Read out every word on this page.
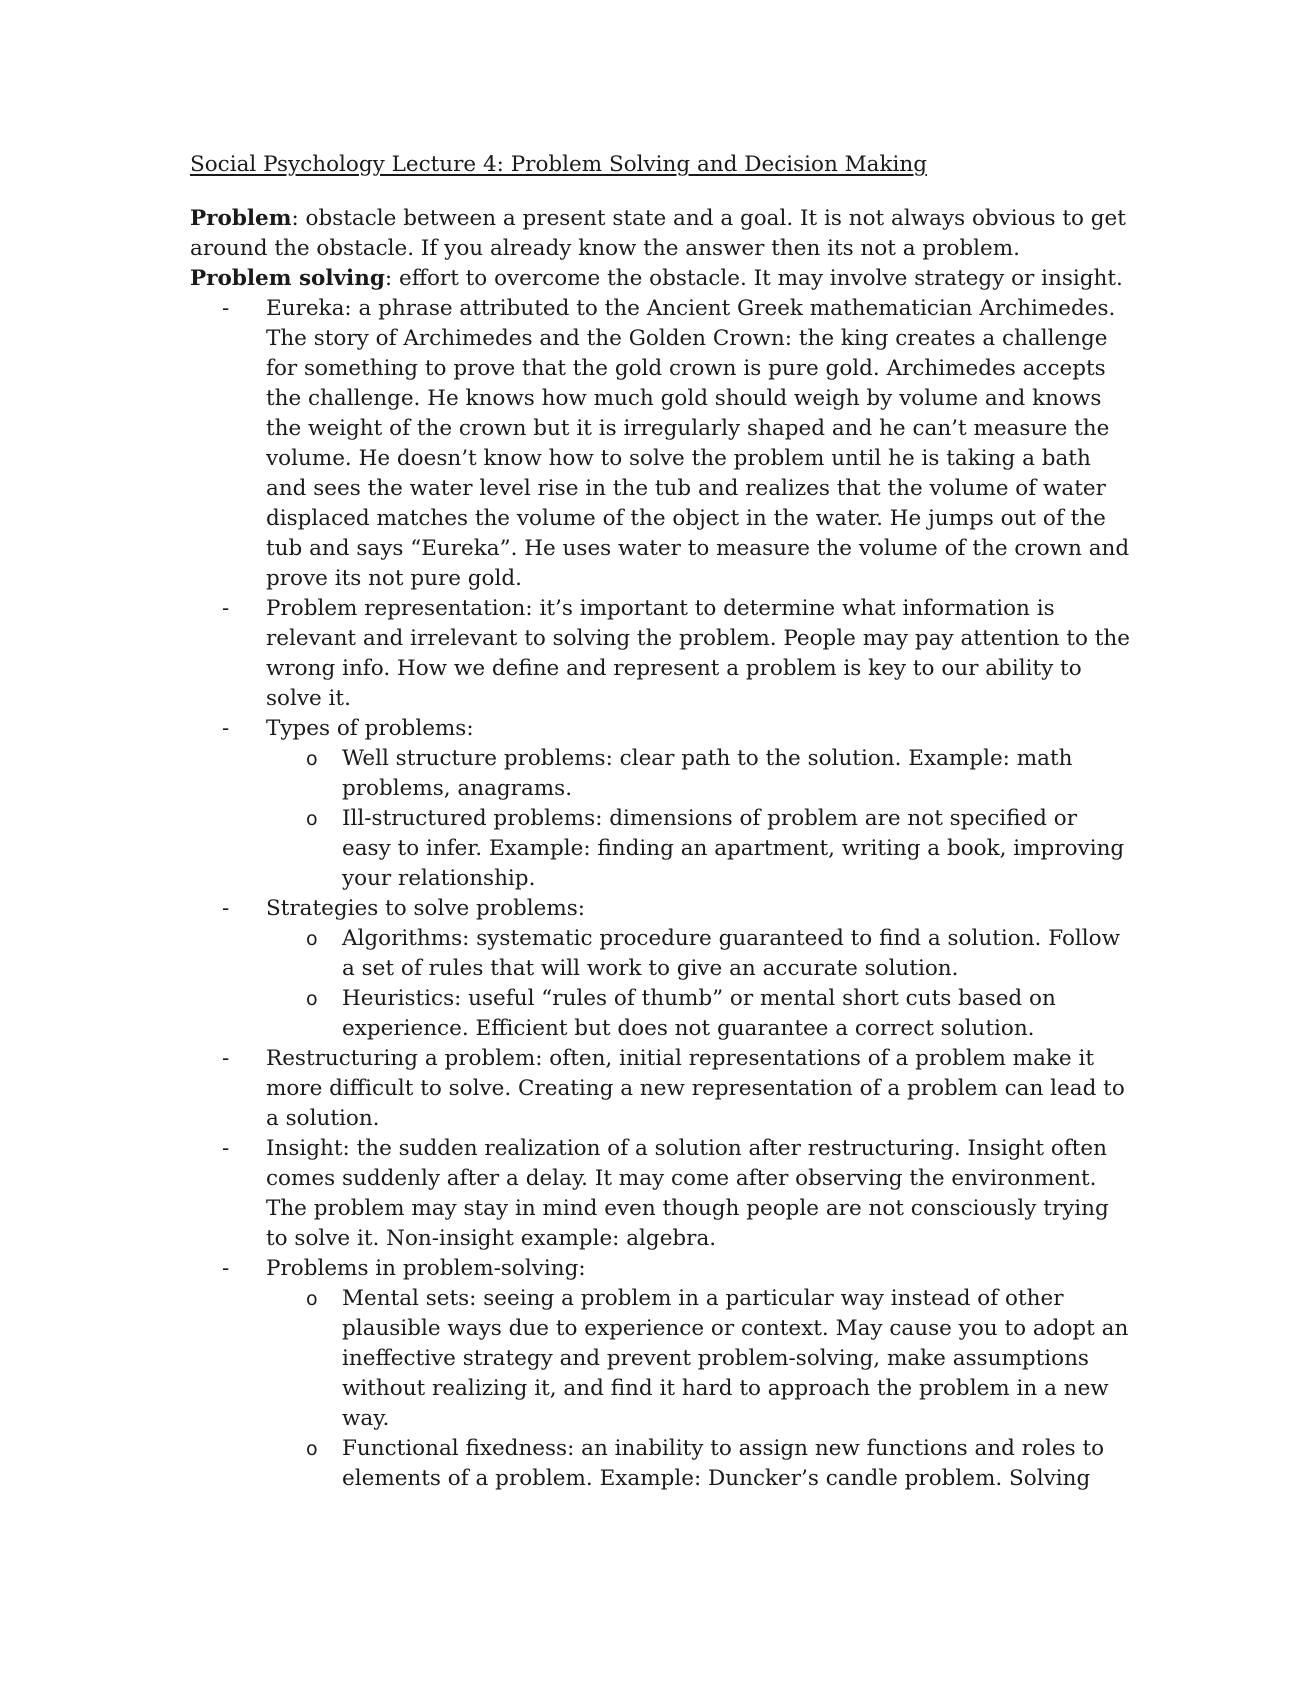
Social Psychology Lecture 4: Problem Solving and Decision Making

Problem: obstacle between a present state and a goal. It is not always obvious to get around the obstacle. If you already know the answer then its not a problem.

Problem solving: effort to overcome the obstacle. It may involve strategy or insight.

- Eureka: a phrase attributed to the Ancient Greek mathematician Archimedes. The story of Archimedes and the Golden Crown: the king creates a challenge for something to prove that the gold crown is pure gold. Archimedes accepts the challenge. He knows how much gold should weigh by volume and knows the weight of the crown but it is irregularly shaped and he can’t measure the volume. He doesn’t know how to solve the problem until he is taking a bath and sees the water level rise in the tub and realizes that the volume of water displaced matches the volume of the object in the water. He jumps out of the tub and says “Eureka”. He uses water to measure the volume of the crown and prove its not pure gold.
- Problem representation: it’s important to determine what information is relevant and irrelevant to solving the problem. People may pay attention to the wrong info. How we define and represent a problem is key to our ability to solve it.
- Types of problems:
o Well structure problems: clear path to the solution. Example: math problems, anagrams.
o Ill-structured problems: dimensions of problem are not specified or easy to infer. Example: finding an apartment, writing a book, improving your relationship.
- Strategies to solve problems:
o Algorithms: systematic procedure guaranteed to find a solution. Follow a set of rules that will work to give an accurate solution.
o Heuristics: useful “rules of thumb” or mental short cuts based on experience. Efficient but does not guarantee a correct solution.
- Restructuring a problem: often, initial representations of a problem make it more difficult to solve. Creating a new representation of a problem can lead to a solution.
- Insight: the sudden realization of a solution after restructuring. Insight often comes suddenly after a delay. It may come after observing the environment. The problem may stay in mind even though people are not consciously trying to solve it. Non-insight example: algebra.
- Problems in problem-solving:
o Mental sets: seeing a problem in a particular way instead of other plausible ways due to experience or context. May cause you to adopt an ineffective strategy and prevent problem-solving, make assumptions without realizing it, and find it hard to approach the problem in a new way.
o Functional fixedness: an inability to assign new functions and roles to elements of a problem. Example: Duncker’s candle problem. Solving
